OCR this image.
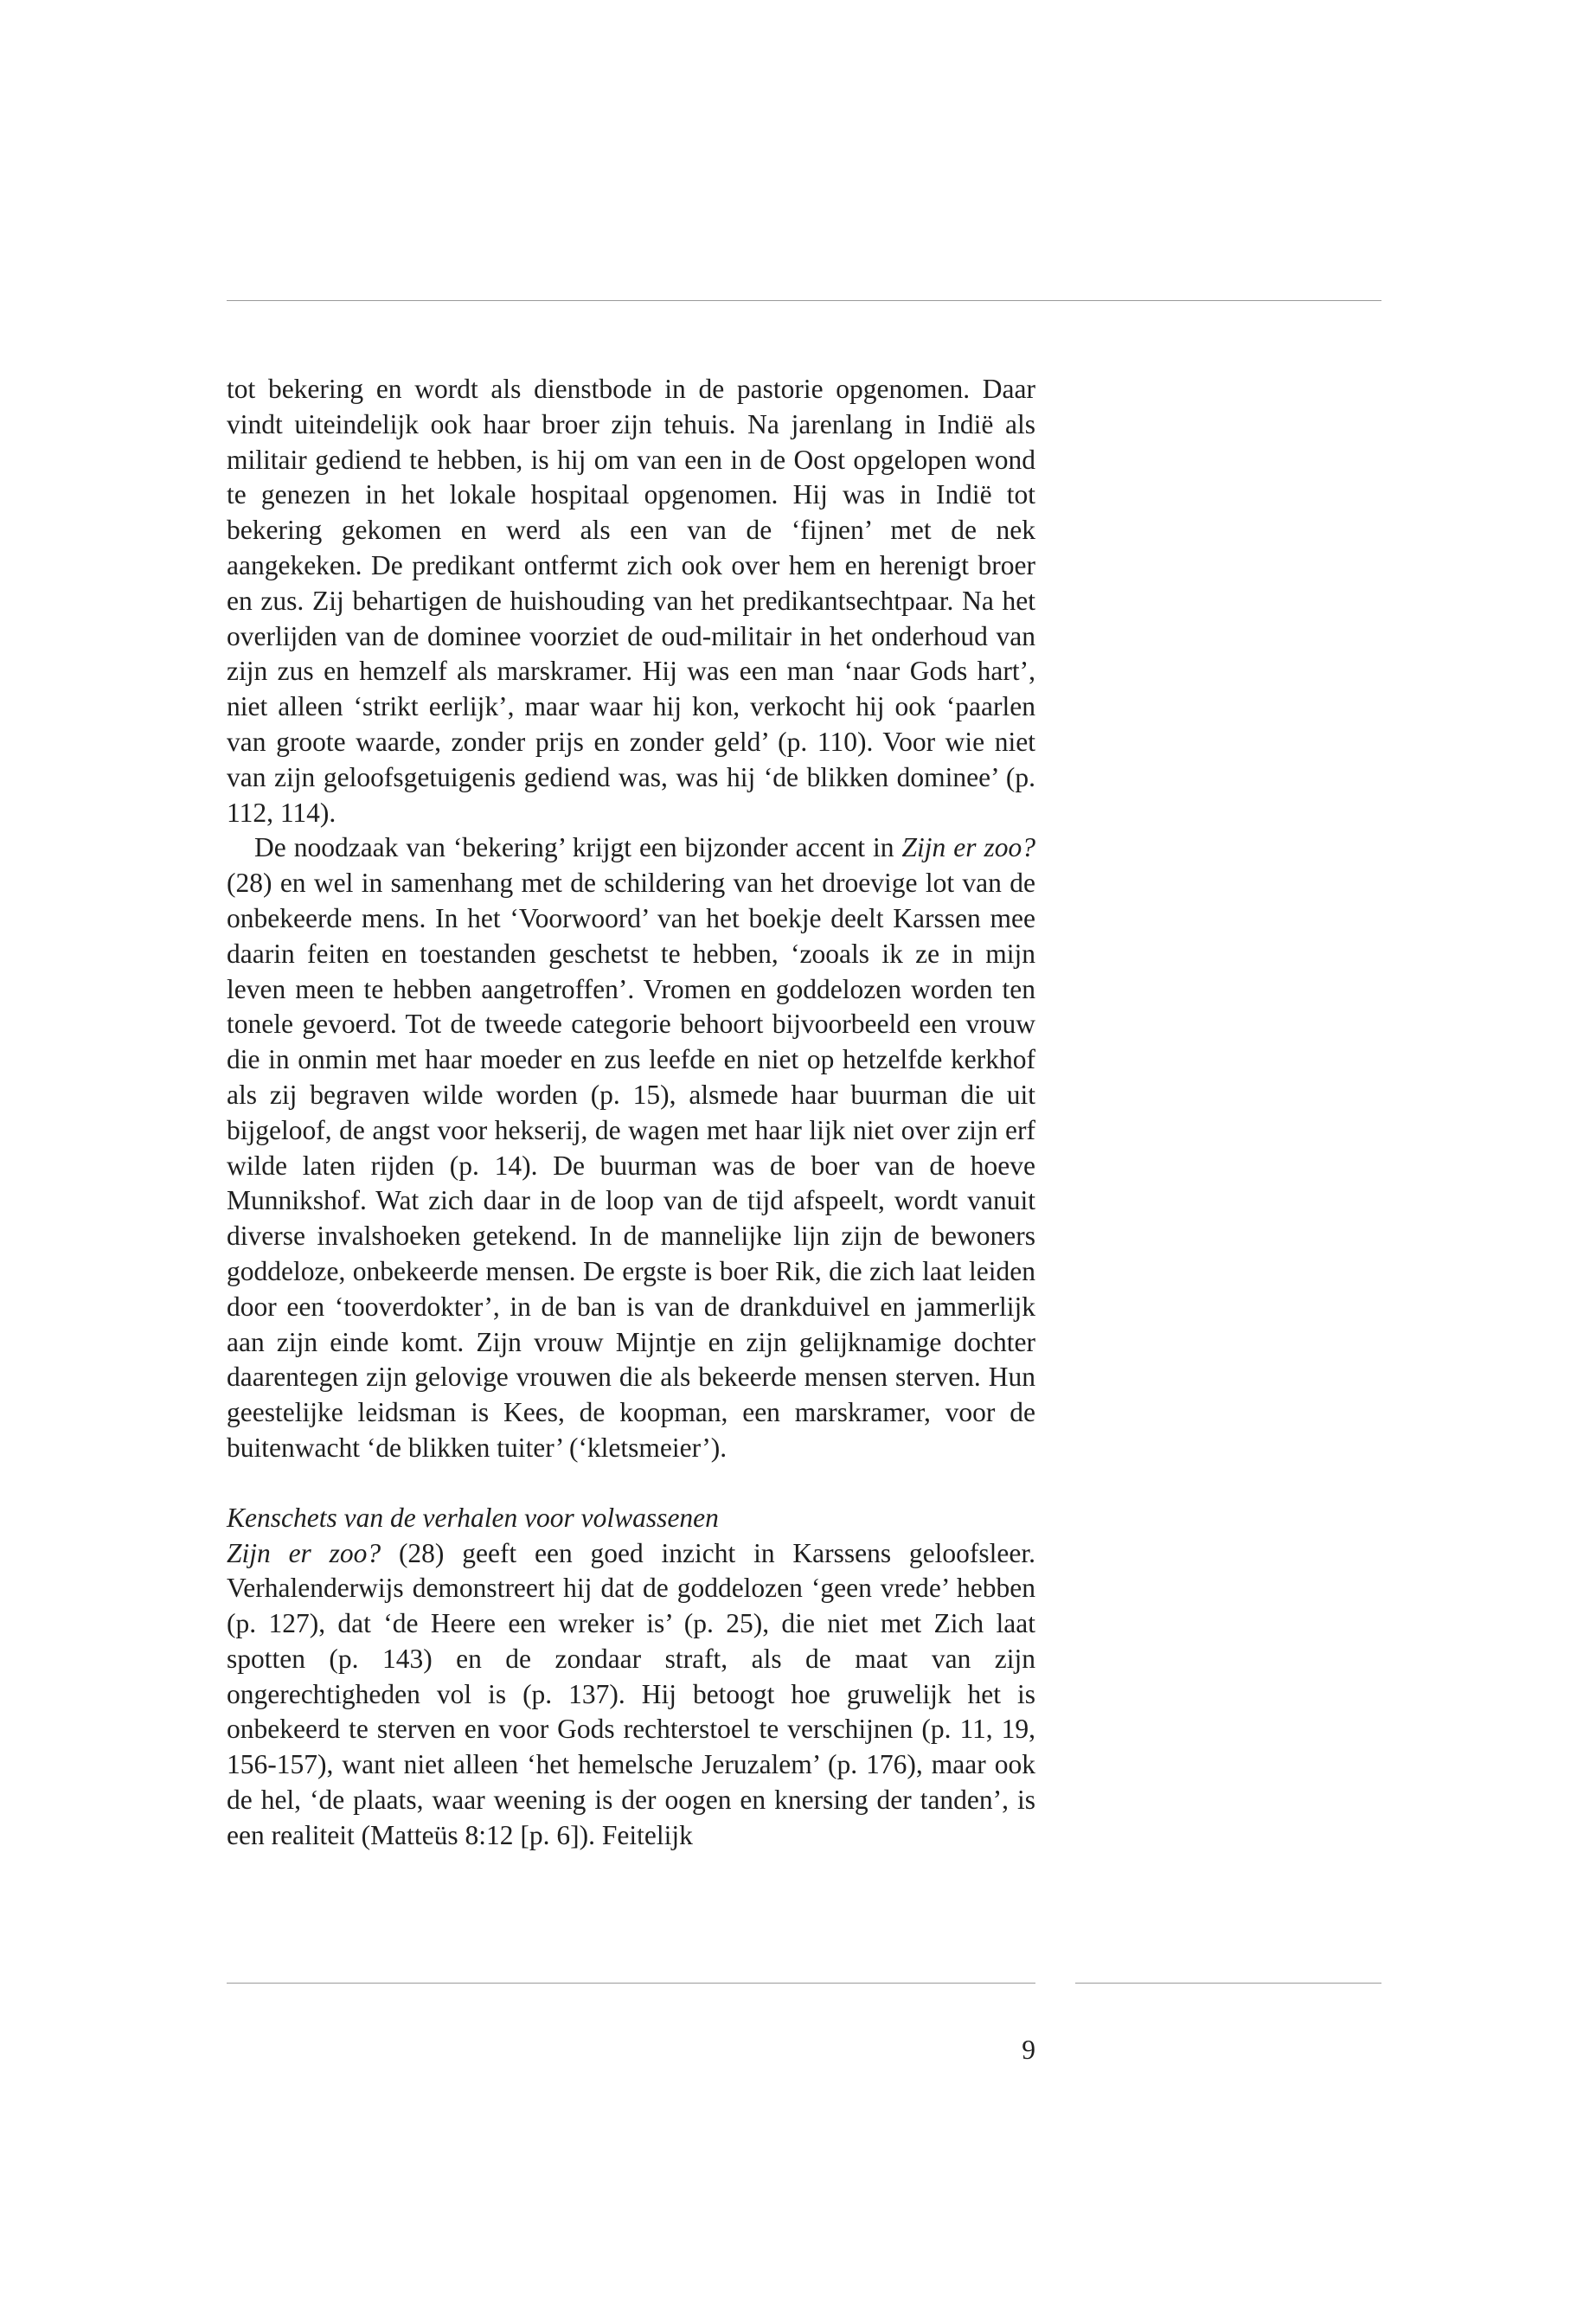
tot bekering en wordt als dienstbode in de pastorie opgenomen. Daar vindt uiteindelijk ook haar broer zijn tehuis. Na jarenlang in Indië als militair gediend te hebben, is hij om van een in de Oost opgelopen wond te genezen in het lokale hospitaal opgenomen. Hij was in Indië tot bekering gekomen en werd als een van de ‘fijnen’ met de nek aangekeken. De predikant ontfermt zich ook over hem en herenigt broer en zus. Zij behartigen de huishouding van het predikantsechtpaar. Na het overlijden van de dominee voorziet de oud-militair in het onderhoud van zijn zus en hemzelf als marskramer. Hij was een man ‘naar Gods hart’, niet alleen ‘strikt eerlijk’, maar waar hij kon, verkocht hij ook ‘paarlen van groote waarde, zonder prijs en zonder geld’ (p. 110). Voor wie niet van zijn geloofsgetuigenis gediend was, was hij ‘de blikken dominee’ (p. 112, 114).

De noodzaak van ‘bekering’ krijgt een bijzonder accent in Zijn er zoo? (28) en wel in samenhang met de schildering van het droevige lot van de onbekeerde mens. In het ‘Voorwoord’ van het boekje deelt Karssen mee daarin feiten en toestanden geschetst te hebben, ‘zooals ik ze in mijn leven meen te hebben aangetroffen’. Vromen en goddelozen worden ten tonele gevoerd. Tot de tweede categorie behoort bijvoorbeeld een vrouw die in onmin met haar moeder en zus leefde en niet op hetzelfde kerkhof als zij begraven wilde worden (p. 15), alsmede haar buurman die uit bijgeloof, de angst voor hekserij, de wagen met haar lijk niet over zijn erf wilde laten rijden (p. 14). De buurman was de boer van de hoeve Munnikshof. Wat zich daar in de loop van de tijd afspeelt, wordt vanuit diverse invalshoeken getekend. In de mannelijke lijn zijn de bewoners goddeloze, onbekeerde mensen. De ergste is boer Rik, die zich laat leiden door een ‘tooverdokter’, in de ban is van de drankduivel en jammerlijk aan zijn einde komt. Zijn vrouw Mijntje en zijn gelijknamige dochter daarentegen zijn gelovige vrouwen die als bekeerde mensen sterven. Hun geestelijke leidsman is Kees, de koopman, een marskramer, voor de buitenwacht ‘de blikken tuiter’ (‘kletsmeier’).

Kenschets van de verhalen voor volwassenen

Zijn er zoo? (28) geeft een goed inzicht in Karssens geloofsleer. Verhalenderwijs demonstreert hij dat de goddelozen ‘geen vrede’ hebben (p. 127), dat ‘de Heere een wreker is’ (p. 25), die niet met Zich laat spotten (p. 143) en de zondaar straft, als de maat van zijn ongerechtigheden vol is (p. 137). Hij betoogt hoe gruwelijk het is onbekeerd te sterven en voor Gods rechterstoel te verschijnen (p. 11, 19, 156-157), want niet alleen ‘het hemelsche Jeruzalem’ (p. 176), maar ook de hel, ‘de plaats, waar weening is der oogen en knersing der tanden’, is een realiteit (Matteüs 8:12 [p. 6]). Feitelijk

9
